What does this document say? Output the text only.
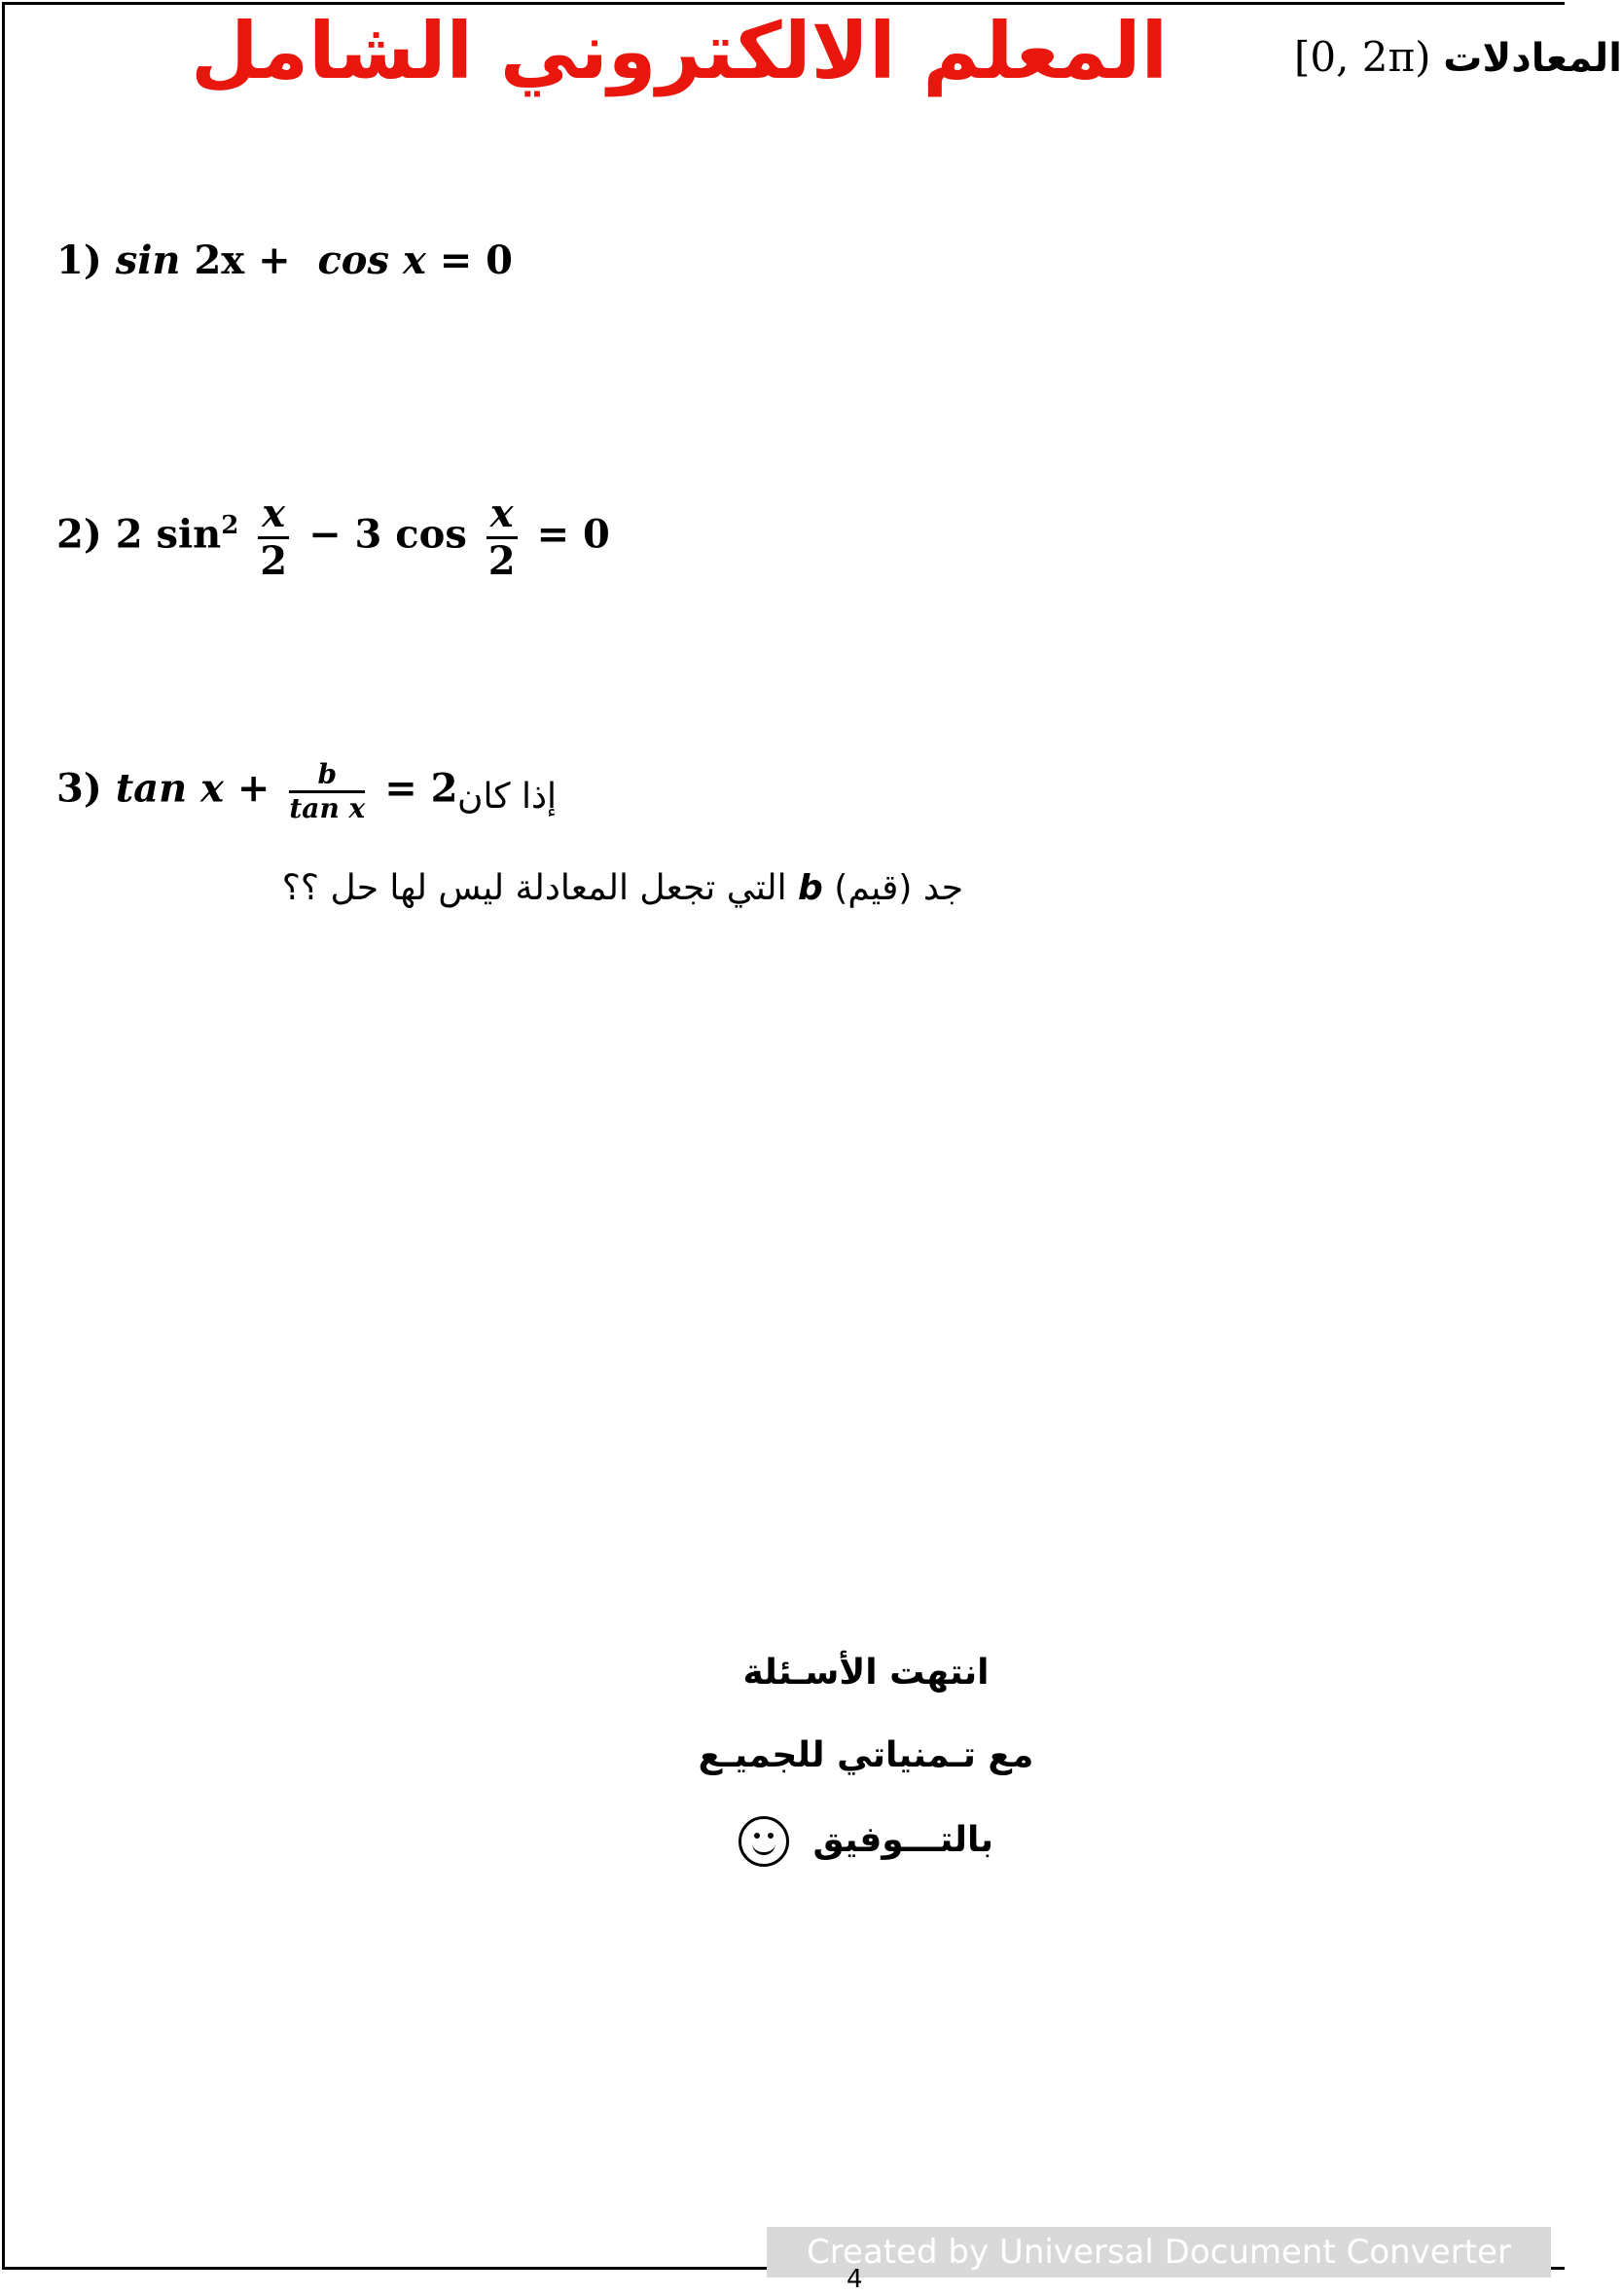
المعلم الالكتروني الشامل	[0, 2π) المعادلات
1) sin 2x + cos x = 0
2) 2 $\sin^2 \frac{x}{2} - 3$ $\cos \frac{x}{2} = 0$
3) $\tan x + \frac{b}{\text{tan x}} = 2$ إذا كان
جد (قيم) b التي تجعل المعادلة ليس لها حل ؟؟
انتهت الأسـئلة
مع تـمنياتي للجميـع
بالتـــوفيق
Created by Universal Document Converter
4
